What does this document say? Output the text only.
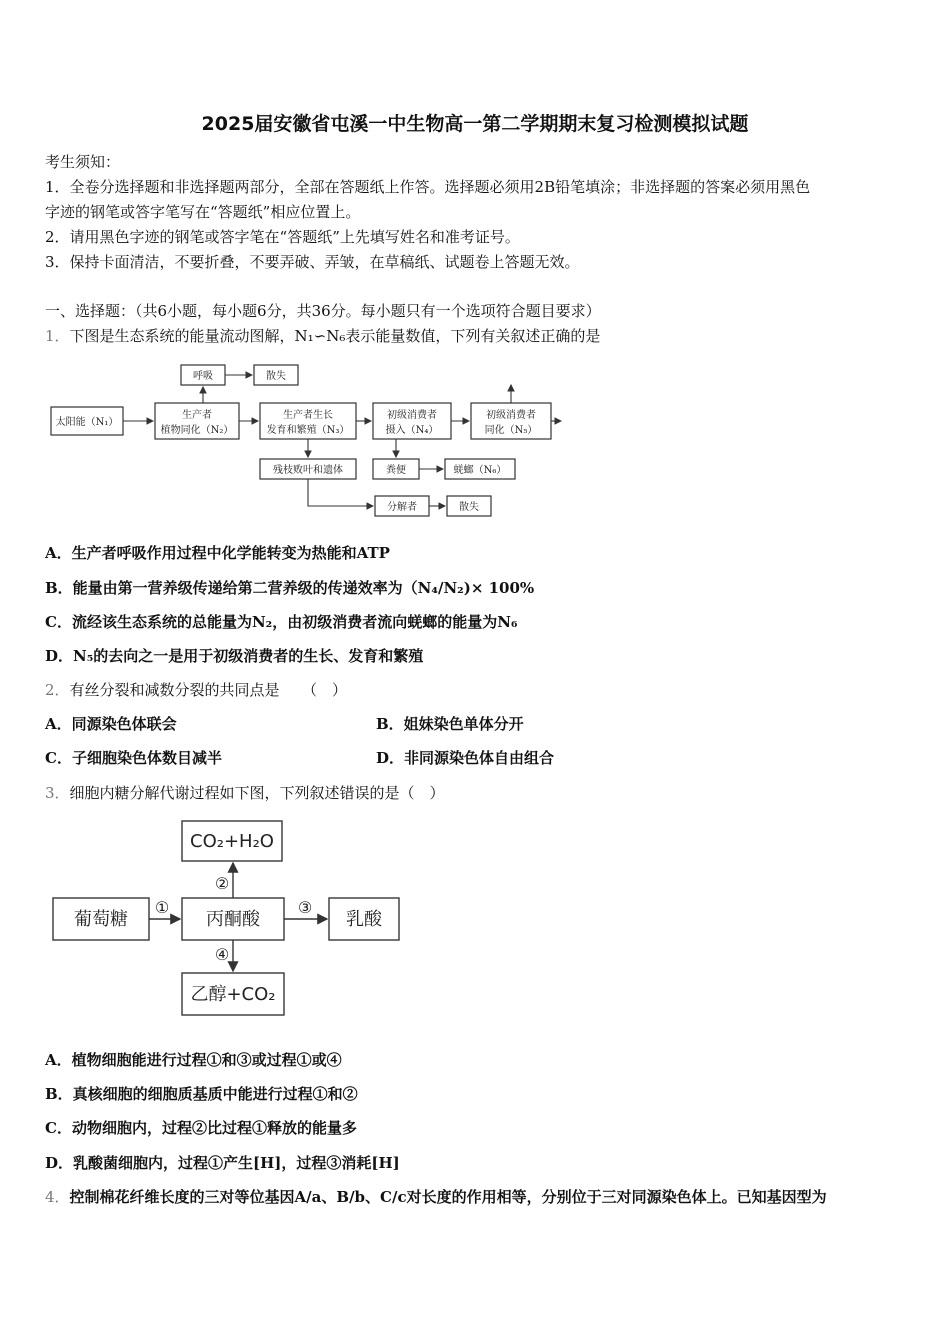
2025届安徽省屯溪一中生物高一第二学期期末复习检测模拟试题
考生须知：
1．全卷分选择题和非选择题两部分，全部在答题纸上作答。选择题必须用2B铅笔填涂；非选择题的答案必须用黑色
字迹的钢笔或答字笔写在“答题纸”相应位置上。
2．请用黑色字迹的钢笔或答字笔在“答题纸”上先填写姓名和准考证号。
3．保持卡面清洁，不要折叠，不要弄破、弄皱，在草稿纸、试题卷上答题无效。
一、选择题：（共6小题，每小题6分，共36分。每小题只有一个选项符合题目要求）
1．下图是生态系统的能量流动图解，N₁∽N₆表示能量数值，下列有关叙述正确的是
太阳能（N₁）
生产者
植物同化（N₂）
生产者生长
发育和繁殖（N₃）
初级消费者
摄入（N₄）
初级消费者
同化（N₅）
呼吸	散失
残枝败叶和遗体	粪便	蜣螂（N₆）
分解者	散失
A．生产者呼吸作用过程中化学能转变为热能和ATP
B．能量由第一营养级传递给第二营养级的传递效率为（N₄/N₂)× 100%
C．流经该生态系统的总能量为N₂，由初级消费者流向蜣螂的能量为N₆
D．N₅的去向之一是用于初级消费者的生长、发育和繁殖
2．有丝分裂和减数分裂的共同点是　　（　）
A．同源染色体联会	B．姐妹染色单体分开
C．子细胞染色体数目减半	D．非同源染色体自由组合
3．细胞内糖分解代谢过程如下图，下列叙述错误的是（　）
CO₂+H₂O
葡萄糖	丙酮酸	乳酸
乙醇+CO₂
①
②
③
④
A．植物细胞能进行过程①和③或过程①或④
B．真核细胞的细胞质基质中能进行过程①和②
C．动物细胞内，过程②比过程①释放的能量多
D．乳酸菌细胞内，过程①产生[H]，过程③消耗[H]
4．控制棉花纤维长度的三对等位基因A/a、B/b、C/c对长度的作用相等，分别位于三对同源染色体上。已知基因型为
